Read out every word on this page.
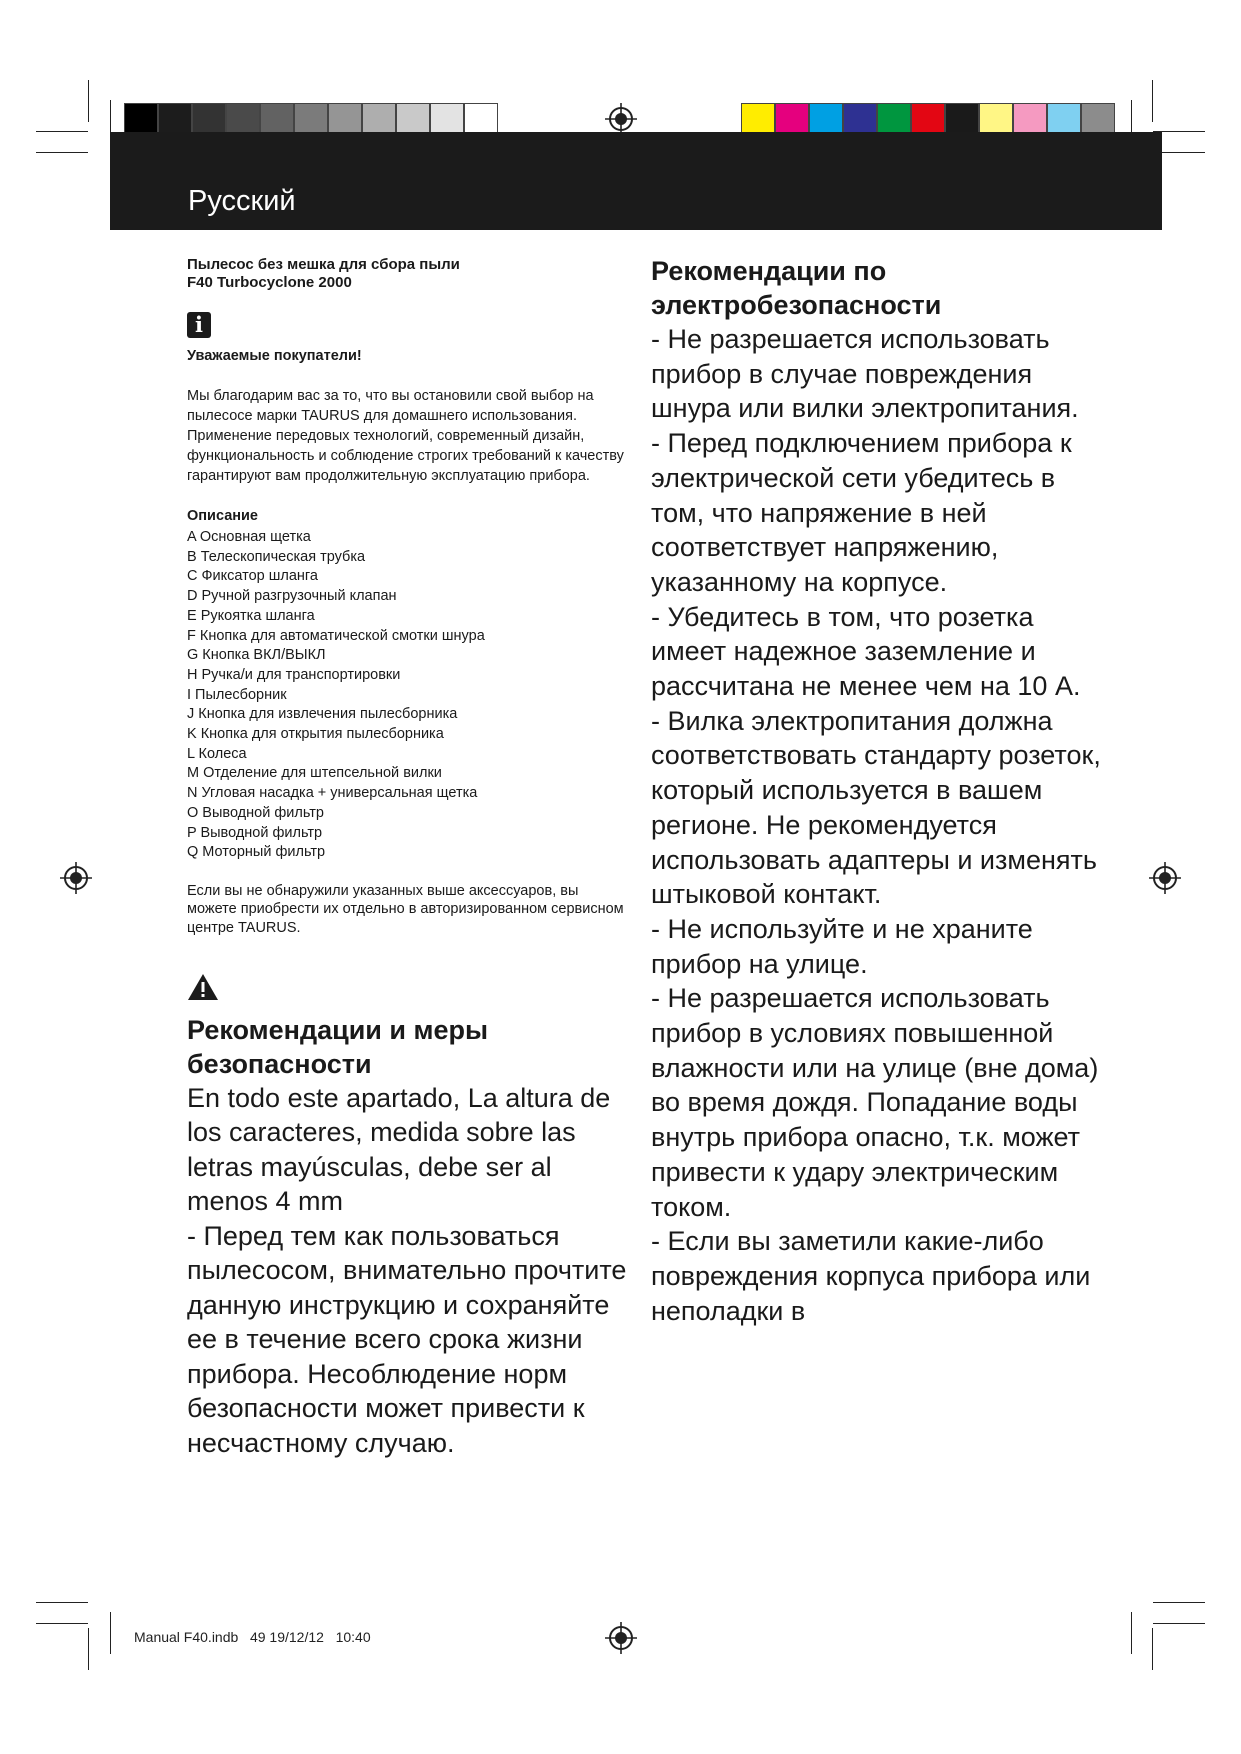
Русский
Пылесос без мешка для сбора пыли
F40 Turbocyclone 2000
i
Уважаемые покупатели!

Мы благодарим вас за то, что вы остановили свой выбор на пылесосе марки TAURUS для домашнего использования.

Применение передовых технологий, современный дизайн, функциональность и соблюдение строгих требований к качеству гарантируют вам продолжительную эксплуатацию прибора.

Описание
A Основная щетка
B Телескопическая трубка
C Фиксатор шланга
D Ручной разгрузочный клапан
E Рукоятка шланга
F Кнопка для автоматической смотки шнура
G Кнопка ВКЛ/ВЫКЛ
H Ручка/и для транспортировки
I Пылесборник
J Кнопка для извлечения пылесборника
K Кнопка для открытия пылесборника
L Колеса
M Отделение для штепсельной вилки
N Угловая насадка + универсальная щетка
O Выводной фильтр
P Выводной фильтр
Q Моторный фильтр

Если вы не обнаружили указанных выше аксессуаров, вы можете приобрести их отдельно в авторизированном сервисном центре TAURUS.

Рекомендации и меры безопасности

En todo este apartado, La altura de los caracteres, medida sobre las letras mayúsculas, debe ser al menos 4 mm

- Перед тем как пользоваться пылесосом, внимательно прочтите данную инструкцию и сохраняйте ее в течение всего срока жизни прибора. Несоблюдение норм безопасности может привести к несчастному случаю.

Рекомендации по электробезопасности

- Не разрешается использовать прибор в случае повреждения шнура или вилки электропитания.

- Перед подключением прибора к электрической сети убедитесь в том, что напряжение в ней соответствует напряжению, указанному на корпусе.

- Убедитесь в том, что розетка имеет надежное заземление и рассчитана не менее чем на 10 А.

- Вилка электропитания должна соответствовать стандарту розеток, который используется в вашем регионе. Не рекомендуется использовать адаптеры и изменять штыковой контакт.

- Не используйте и не храните прибор на улице.

- Не разрешается использовать прибор в условиях повышенной влажности или на улице (вне дома) во время дождя. Попадание воды внутрь прибора опасно, т.к. может привести к удару электрическим током.

- Если вы заметили какие-либо повреждения корпуса прибора или неполадки в

Manual F40.indb   49 19/12/12   10:40
